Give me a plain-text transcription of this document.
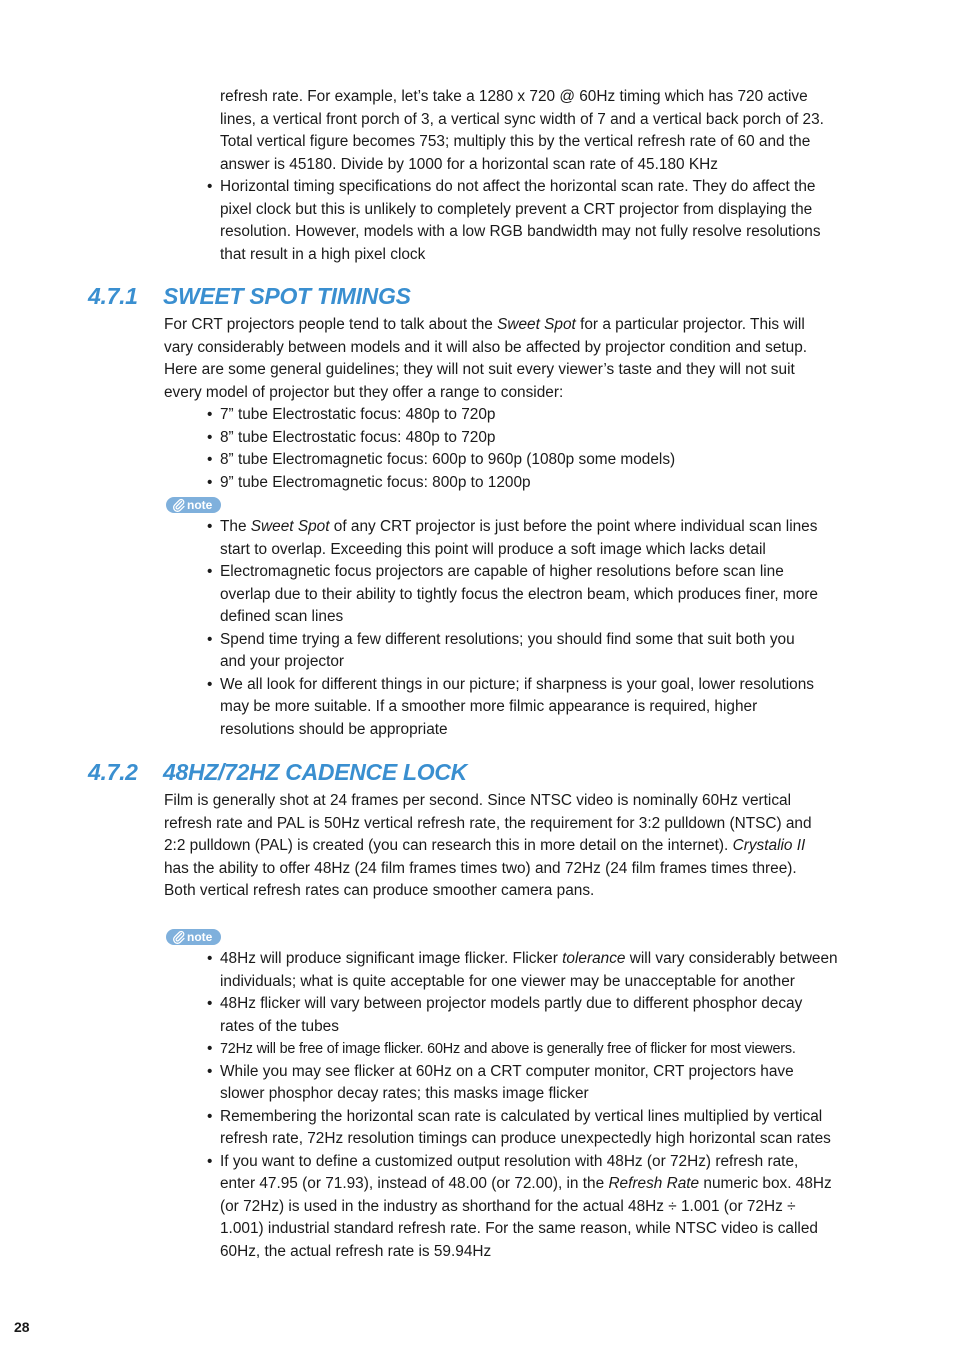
refresh rate. For example, let’s take a 1280 x 720 @ 60Hz timing which has 720 active

lines, a vertical front porch of 3, a vertical sync width of 7 and a vertical back porch of 23.

Total vertical figure becomes 753; multiply this by the vertical refresh rate of 60 and the

answer is 45180. Divide by 1000 for a horizontal scan rate of 45.180 KHz

• Horizontal timing specifications do not affect the horizontal scan rate. They do affect the

pixel clock but this is unlikely to completely prevent a CRT projector from displaying the

resolution. However, models with a low RGB bandwidth may not fully resolve resolutions

that result in a high pixel clock

4.7.1 SWEET SPOT TIMINGS

For CRT projectors people tend to talk about the Sweet Spot for a particular projector. This will

vary considerably between models and it will also be affected by projector condition and setup.

Here are some general guidelines; they will not suit every viewer’s taste and they will not suit

every model of projector but they offer a range to consider:

• 7” tube Electrostatic focus: 480p to 720p
• 8” tube Electrostatic focus: 480p to 720p
• 8” tube Electromagnetic focus: 600p to 960p (1080p some models)
• 9” tube Electromagnetic focus: 800p to 1200p
note

• The Sweet Spot of any CRT projector is just before the point where individual scan lines

start to overlap. Exceeding this point will produce a soft image which lacks detail

• Electromagnetic focus projectors are capable of higher resolutions before scan line

overlap due to their ability to tightly focus the electron beam, which produces finer, more

defined scan lines

• Spend time trying a few different resolutions; you should find some that suit both you

and your projector

• We all look for different things in our picture; if sharpness is your goal, lower resolutions

may be more suitable. If a smoother more filmic appearance is required, higher

resolutions should be appropriate

4.7.2 48HZ/72HZ CADENCE LOCK

Film is generally shot at 24 frames per second. Since NTSC video is nominally 60Hz vertical

refresh rate and PAL is 50Hz vertical refresh rate, the requirement for 3:2 pulldown (NTSC) and

2:2 pulldown (PAL) is created (you can research this in more detail on the internet). Crystalio II

has the ability to offer 48Hz (24 film frames times two) and 72Hz (24 film frames times three).

Both vertical refresh rates can produce smoother camera pans.

note

• 48Hz will produce significant image flicker. Flicker tolerance will vary considerably between

individuals; what is quite acceptable for one viewer may be unacceptable for another

• 48Hz flicker will vary between projector models partly due to different phosphor decay

rates of the tubes

• 72Hz will be free of image flicker. 60Hz and above is generally free of flicker for most viewers.

• While you may see flicker at 60Hz on a CRT computer monitor, CRT projectors have

slower phosphor decay rates; this masks image flicker

• Remembering the horizontal scan rate is calculated by vertical lines multiplied by vertical

refresh rate, 72Hz resolution timings can produce unexpectedly high horizontal scan rates

• If you want to define a customized output resolution with 48Hz (or 72Hz) refresh rate,

enter 47.95 (or 71.93), instead of 48.00 (or 72.00), in the Refresh Rate numeric box. 48Hz

(or 72Hz) is used in the industry as shorthand for the actual 48Hz ÷ 1.001 (or 72Hz ÷

1.001) industrial standard refresh rate. For the same reason, while NTSC video is called

60Hz, the actual refresh rate is 59.94Hz

28
